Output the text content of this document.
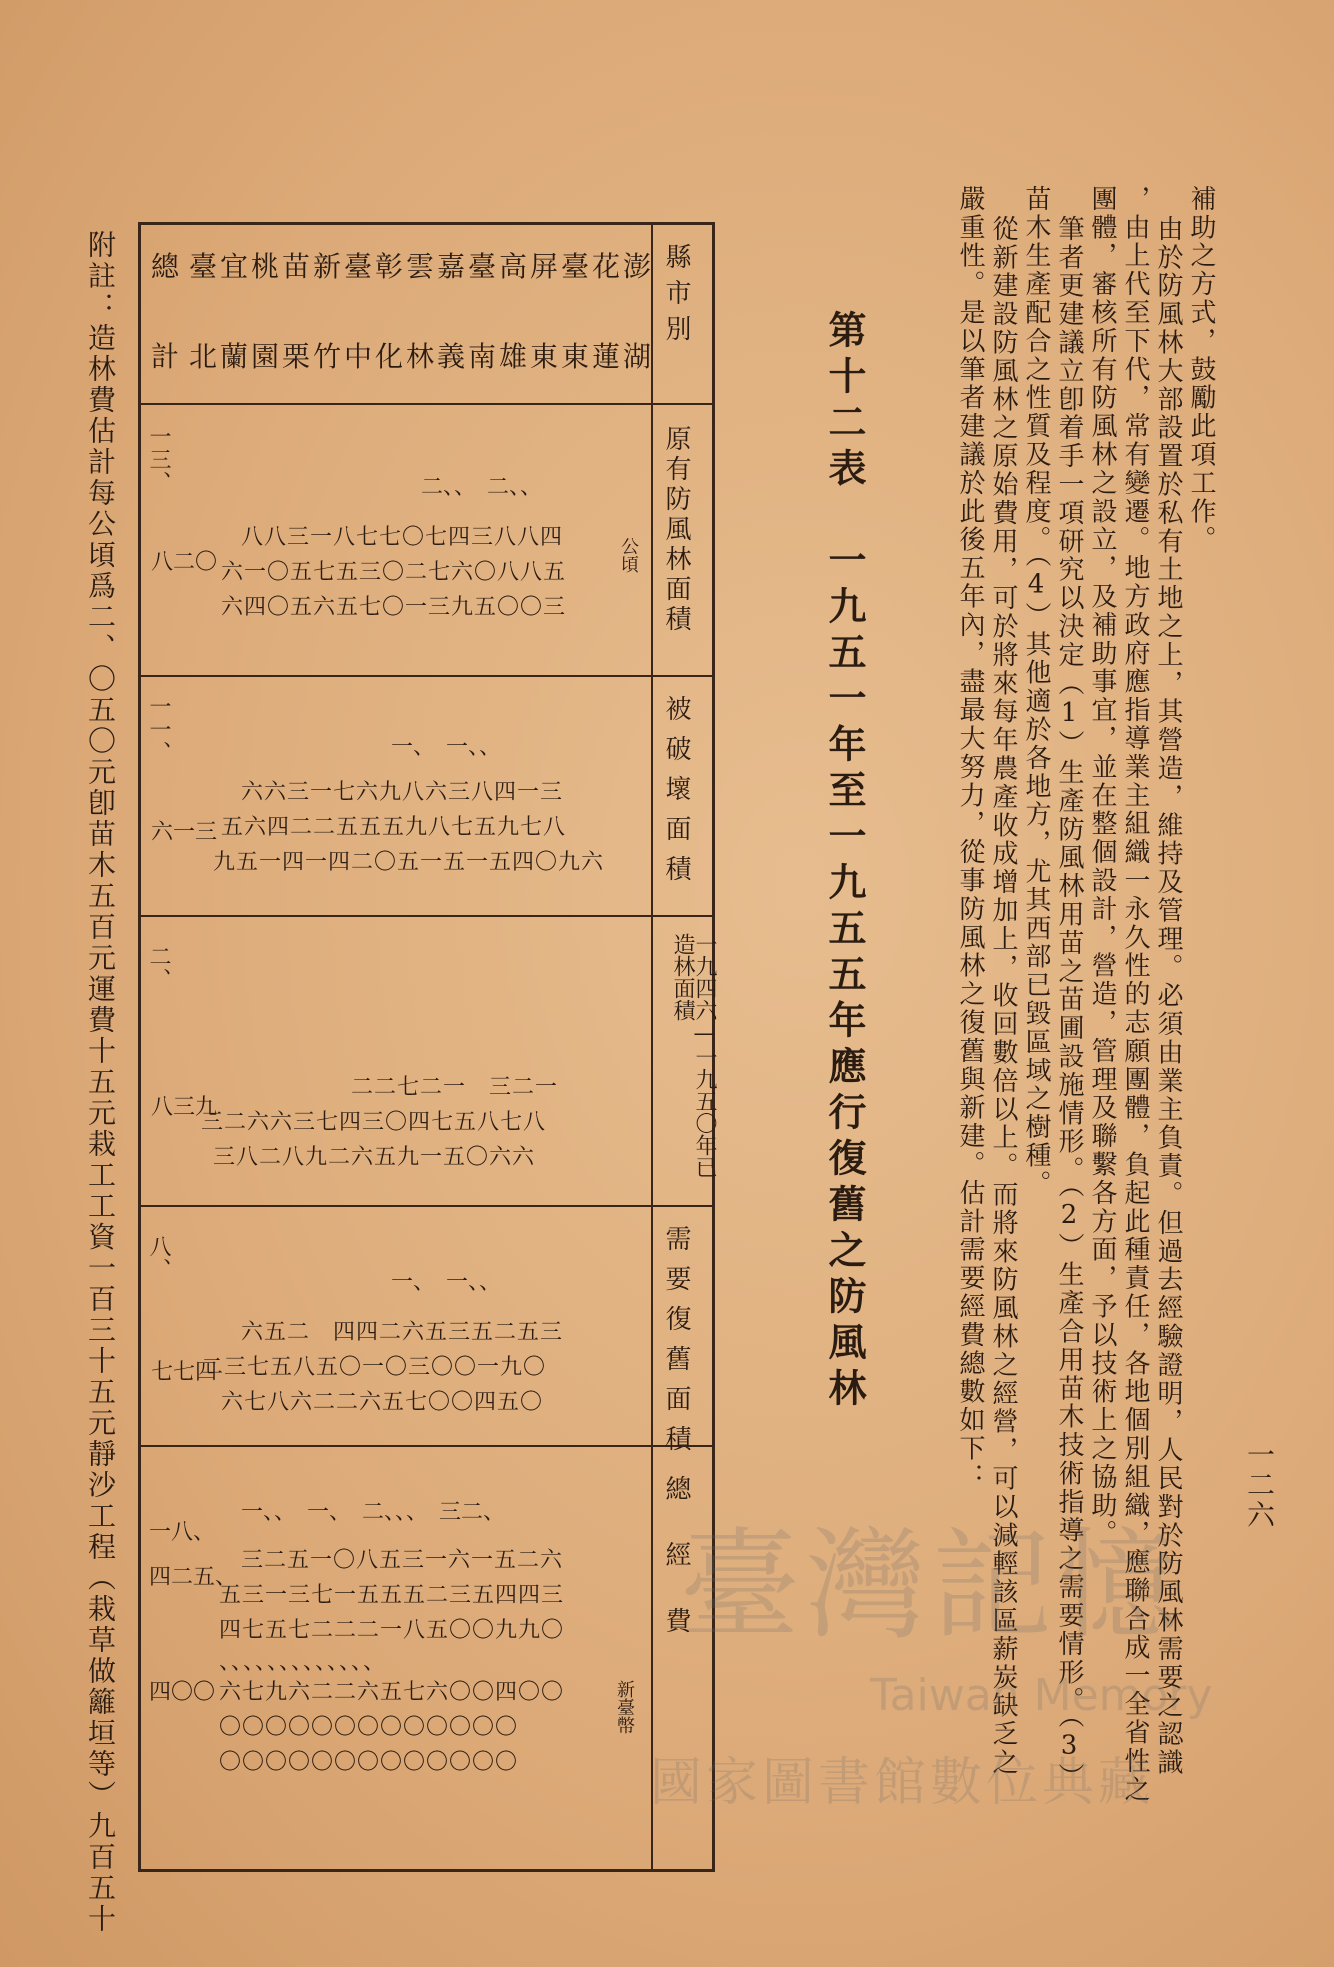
一二六
補助之方式，鼓勵此項工作。
由於防風林大部設置於私有土地之上，其營造，維持及管理。必須由業主負責。但過去經驗證明，人民對於防風林需要之認識
，由上代至下代，常有變遷。地方政府應指導業主組織一永久性的志願團體，負起此種責任，各地個別組織，應聯合成一全省性之
團體，審核所有防風林之設立，及補助事宜，並在整個設計，營造，管理及聯繫各方面，予以技術上之協助。
筆者更建議立卽着手一項研究以決定（1）生產防風林用苗之苗圃設施情形。（2）生產合用苗木技術指導之需要情形。（3）
苗木生產配合之性質及程度。（4）其他適於各地方，尤其西部已毀區域之樹種。
從新建設防風林之原始費用，可於將來每年農產收成增加上，收回數倍以上。而將來防風林之經營，可以減輕該區薪炭缺乏之
嚴重性。是以筆者建議於此後五年內，盡最大努力，從事防風林之復舊與新建。估計需要經費總數如下：
第十二表　一九五一年至一九五五年應行復舊之防風林
縣市別
原有防風林面積
被破壞面積
一九四六—一九五〇年已造林面積
需要復舊面積
總經費
臺宜桃苗新臺彰雲嘉臺高屏臺花澎
北蘭園栗竹中化林義南雄東東蓮湖
總
計
一三、
八二〇
二、、　二、、
八八三一八七七〇七四三八八四
六一〇五七五三〇二七六〇八八五
六四〇五六五七〇一三九五〇〇三
公頃
一一、
六一三
一、　一、、
六六三一七六九八六三八四一三
五六四二二五五五九八七五九七八
九五一四一四二〇五一五一五四〇九六
二、
八三九
二二七二一　三二一
三二六六三七四三〇四七五八七八
三八二八九二六五九一五〇六六
八、
七七四
一、　一、、
六五二　四四二六五三五二五三
二三七五八五〇一〇三〇〇一九〇
六七八六二二六五七〇〇四五〇
一八、
四二五、
四〇〇
一、、　一、　二、、、　三二、
三二五一〇八五三一六一五二六
五三一三七一五五五二三五四四三
四七五七二二二一八五〇〇九九〇
、、、、、、、、、、、、、
六七九六二二六五七六〇〇四〇〇
〇〇〇〇〇〇〇〇〇〇〇〇〇
〇〇〇〇〇〇〇〇〇〇〇〇〇
新臺幣
附註：造林費估計每公頃爲二、〇五〇元卽苗木五百元運費十五元栽工工資一百三十五元靜沙工程（栽草做籬垣等）九百五十	臺灣記憶
Taiwan Memory
國家圖書館數位典藏
